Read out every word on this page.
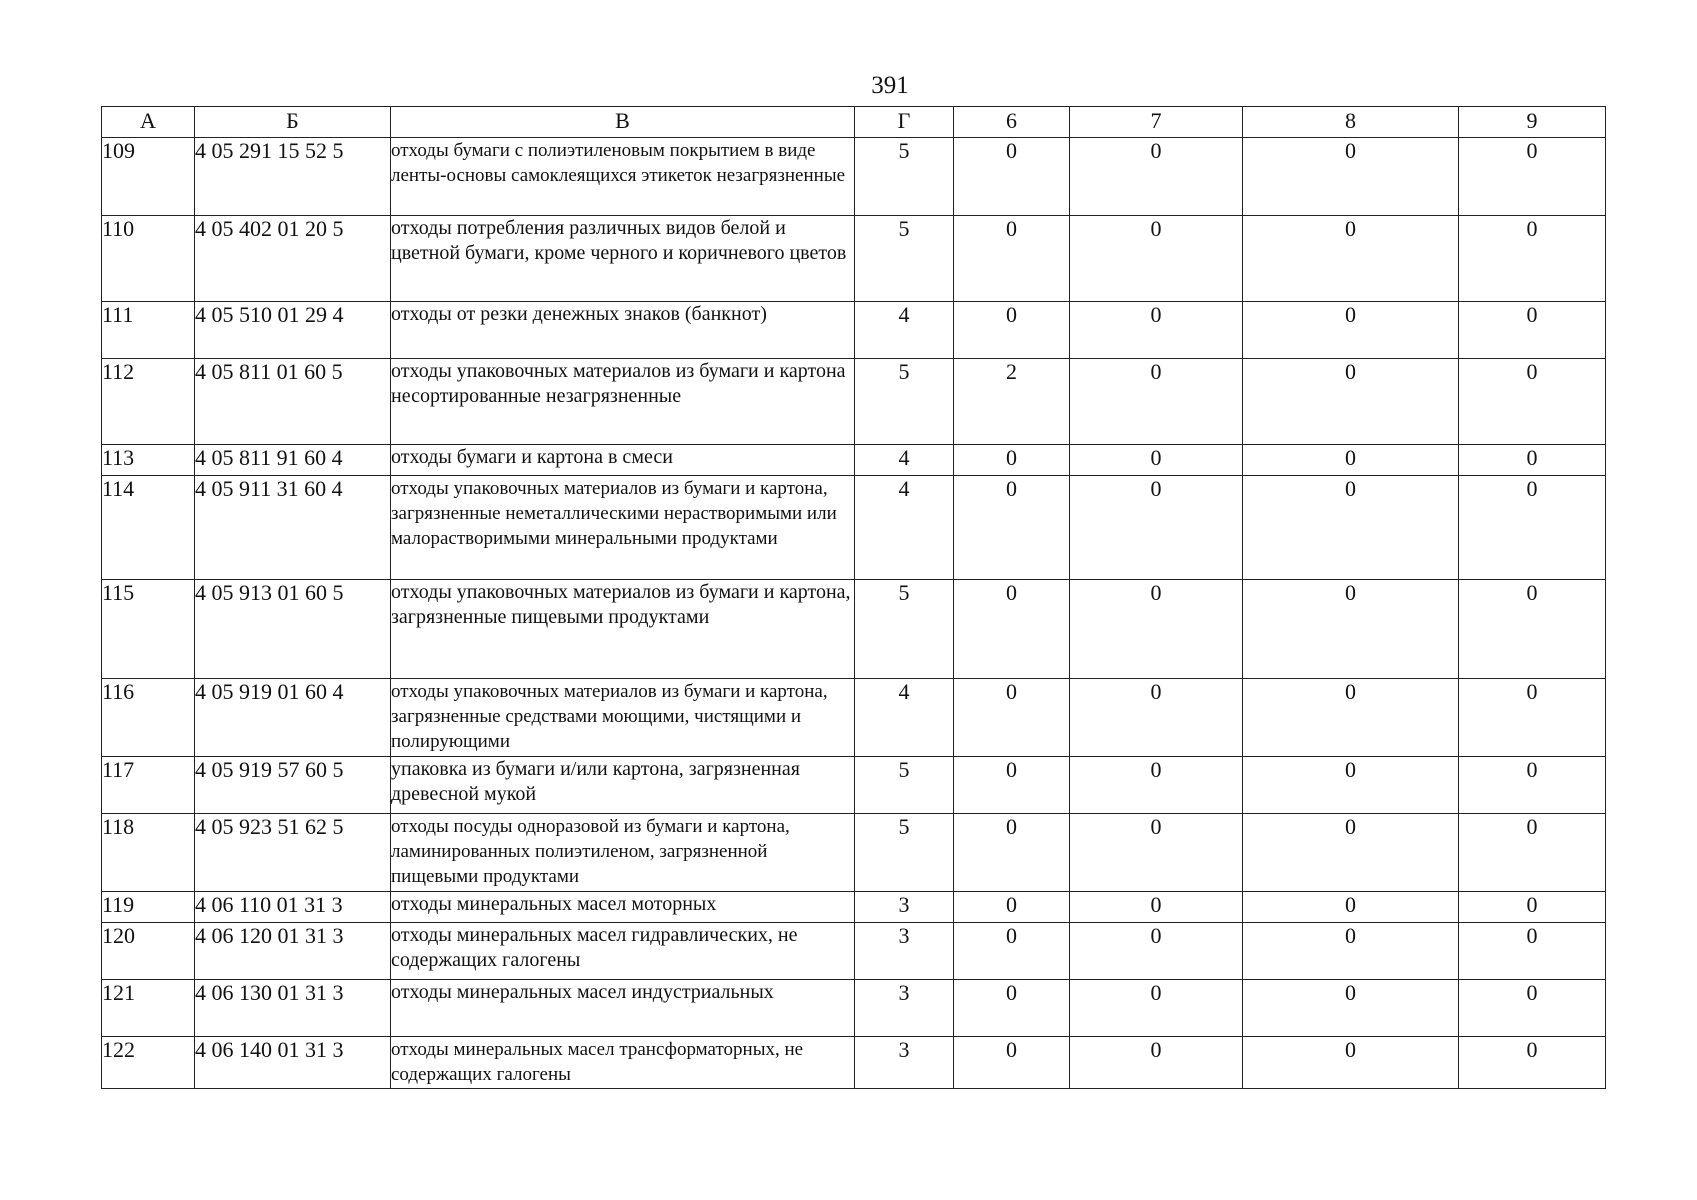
391
А	Б	В	Г	6	7	8	9
109	4 05 291 15 52 5	отходы бумаги с полиэтиленовым покрытием в виде ленты-основы самоклеящихся этикеток незагрязненные	5	0	0	0	0
110	4 05 402 01 20 5	отходы потребления различных видов белой и цветной бумаги, кроме черного и коричневого цветов	5	0	0	0	0
111	4 05 510 01 29 4	отходы от резки денежных знаков (банкнот)	4	0	0	0	0
112	4 05 811 01 60 5	отходы упаковочных материалов из бумаги и картона несортированные незагрязненные	5	2	0	0	0
113	4 05 811 91 60 4	отходы бумаги и картона в смеси	4	0	0	0	0
114	4 05 911 31 60 4	отходы упаковочных материалов из бумаги и картона, загрязненные неметаллическими нерастворимыми или малорастворимыми минеральными продуктами	4	0	0	0	0
115	4 05 913 01 60 5	отходы упаковочных материалов из бумаги и картона, загрязненные пищевыми продуктами	5	0	0	0	0
116	4 05 919 01 60 4	отходы упаковочных материалов из бумаги и картона, загрязненные средствами моющими, чистящими и полирующими	4	0	0	0	0
117	4 05 919 57 60 5	упаковка из бумаги и/или картона, загрязненная древесной мукой	5	0	0	0	0
118	4 05 923 51 62 5	отходы посуды одноразовой из бумаги и картона, ламинированных полиэтиленом, загрязненной пищевыми продуктами	5	0	0	0	0
119	4 06 110 01 31 3	отходы минеральных масел моторных	3	0	0	0	0
120	4 06 120 01 31 3	отходы минеральных масел гидравлических, не содержащих галогены	3	0	0	0	0
121	4 06 130 01 31 3	отходы минеральных масел индустриальных	3	0	0	0	0
122	4 06 140 01 31 3	отходы минеральных масел трансформаторных, не содержащих галогены	3	0	0	0	0
